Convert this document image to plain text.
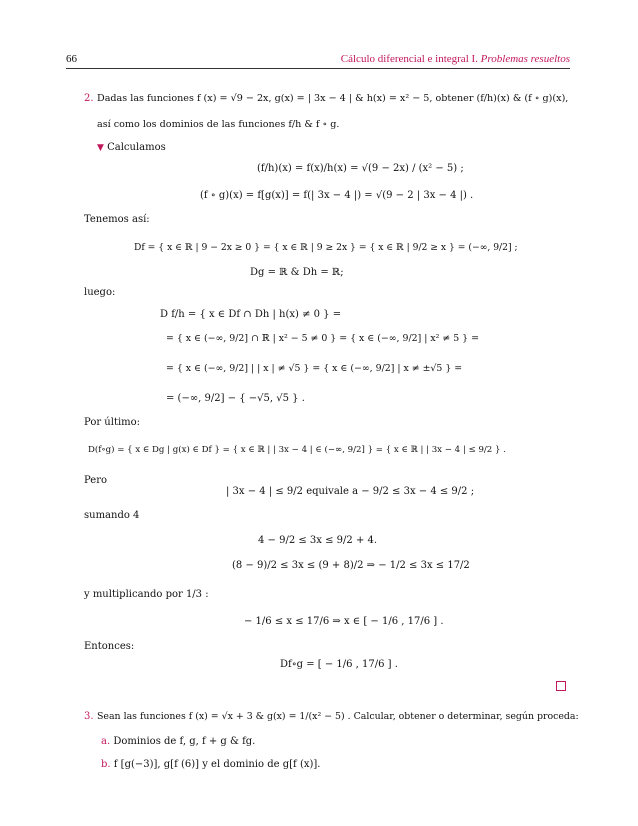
66	Cálculo diferencial e integral I. Problemas resueltos
2. Dadas las funciones f (x) = √9 − 2x, g(x) = | 3x − 4 | & h(x) = x² − 5, obtener (f/h)(x) & (f ∘ g)(x),
así como los dominios de las funciones f/h & f ∘ g.
▼ Calculamos
(f/h)(x) = f(x)/h(x) = √(9 − 2x) / (x² − 5) ;
(f ∘ g)(x) = f[g(x)] = f(| 3x − 4 |) = √(9 − 2 | 3x − 4 |) .
Tenemos así:
Df = { x ∈ ℝ | 9 − 2x ≥ 0 } = { x ∈ ℝ | 9 ≥ 2x } = { x ∈ ℝ | 9/2 ≥ x } = (−∞, 9/2] ;
Dg = ℝ & Dh = ℝ;
luego:
D f/h = { x ∈ Df ∩ Dh | h(x) ≠ 0 } =
= { x ∈ (−∞, 9/2] ∩ ℝ | x² − 5 ≠ 0 } = { x ∈ (−∞, 9/2] | x² ≠ 5 } =
= { x ∈ (−∞, 9/2] | | x | ≠ √5 } = { x ∈ (−∞, 9/2] | x ≠ ±√5 } =
= (−∞, 9/2] − { −√5, √5 } .
Por último:
D(f∘g) = { x ∈ Dg | g(x) ∈ Df } = { x ∈ ℝ | | 3x − 4 | ∈ (−∞, 9/2] } = { x ∈ ℝ | | 3x − 4 | ≤ 9/2 } .
Pero
| 3x − 4 | ≤ 9/2 equivale a − 9/2 ≤ 3x − 4 ≤ 9/2 ;
sumando 4
4 − 9/2 ≤ 3x ≤ 9/2 + 4.
(8 − 9)/2 ≤ 3x ≤ (9 + 8)/2 ⇒ − 1/2 ≤ 3x ≤ 17/2
y multiplicando por 1/3 :
− 1/6 ≤ x ≤ 17/6 ⇒ x ∈ [ − 1/6 , 17/6 ] .
Entonces:
Df∘g = [ − 1/6 , 17/6 ] .
3. Sean las funciones f (x) = √x + 3 & g(x) = 1/(x² − 5) . Calcular, obtener o determinar, según proceda:
a. Dominios de f, g, f + g & fg.
b. f [g(−3)], g[f (6)] y el dominio de g[f (x)].
